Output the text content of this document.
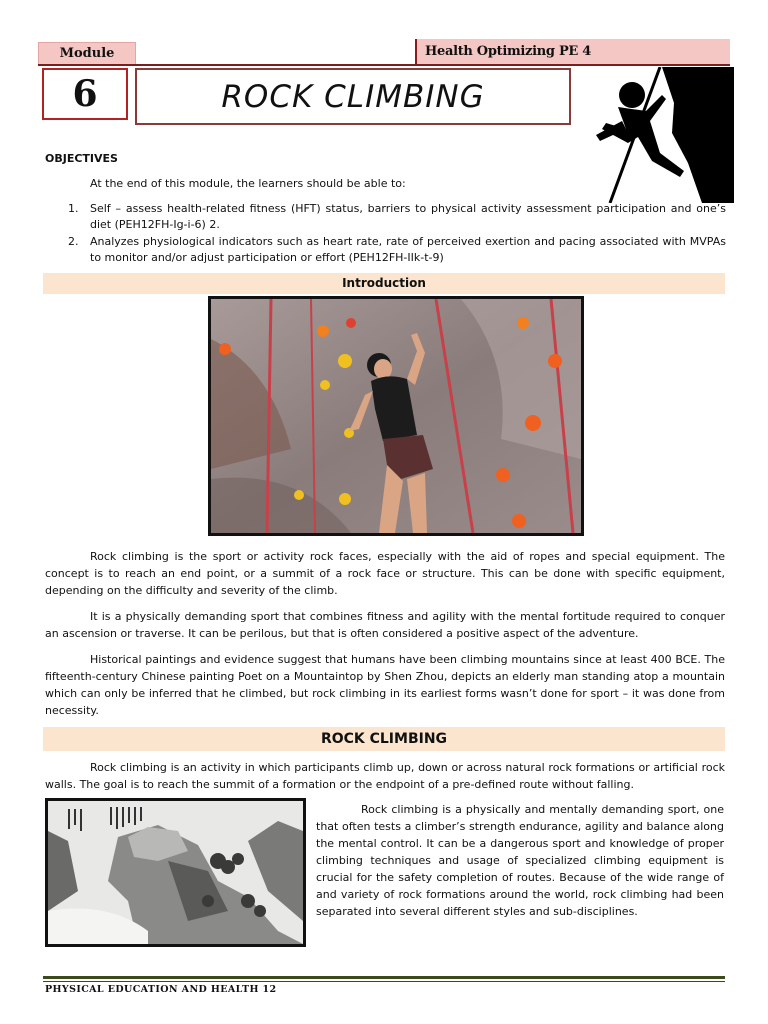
Module	Health Optimizing PE 4
6	ROCK CLIMBING
OBJECTIVES
At the end of this module, the learners should be able to:
1. Self – assess health-related fitness (HFT) status, barriers to physical activity assessment participation and one’s diet (PEH12FH-Ig-i-6) 2.
2. Analyzes physiological indicators such as heart rate, rate of perceived exertion and pacing associated with MVPAs to monitor and/or adjust participation or effort (PEH12FH-IIk-t-9)
Introduction
Rock climbing is the sport or activity rock faces, especially with the aid of ropes and special equipment. The concept is to reach an end point, or a summit of a rock face or structure. This can be done with specific equipment, depending on the difficulty and severity of the climb.
It is a physically demanding sport that combines fitness and agility with the mental fortitude required to conquer an ascension or traverse. It can be perilous, but that is often considered a positive aspect of the adventure.
Historical paintings and evidence suggest that humans have been climbing mountains since at least 400 BCE. The fifteenth-century Chinese painting Poet on a Mountaintop by Shen Zhou, depicts an elderly man standing atop a mountain which can only be inferred that he climbed, but rock climbing in its earliest forms wasn’t done for sport – it was done from necessity.
ROCK CLIMBING
Rock climbing is an activity in which participants climb up, down or across natural rock formations or artificial rock walls. The goal is to reach the summit of a formation or the endpoint of a pre-defined route without falling.
Rock climbing is a physically and mentally demanding sport, one that often tests a climber’s strength endurance, agility and balance along the mental control. It can be a dangerous sport and knowledge of proper climbing techniques and usage of specialized climbing equipment is crucial for the safety completion of routes. Because of the wide range of and variety of rock formations around the world, rock climbing had been separated into several different styles and sub-disciplines.
PHYSICAL EDUCATION AND HEALTH 12
